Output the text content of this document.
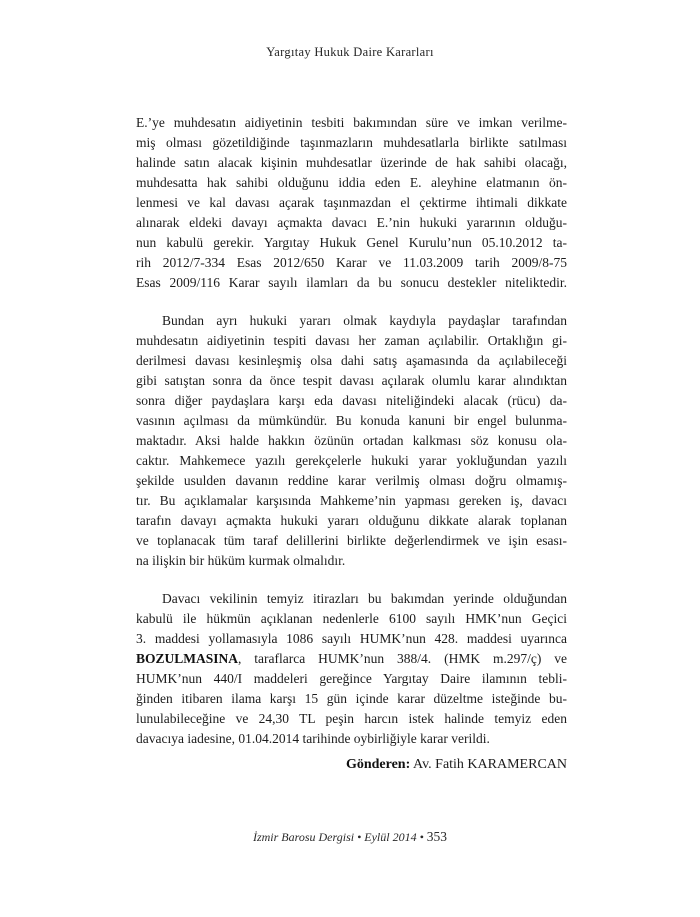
Yargıtay Hukuk Daire Kararları
E.’ye muhdesatın aidiyetinin tesbiti bakımından süre ve imkan verilme-
miş olması gözetildiğinde taşınmazların muhdesatlarla birlikte satılması
halinde satın alacak kişinin muhdesatlar üzerinde de hak sahibi olacağı,
muhdesatta hak sahibi olduğunu iddia eden E. aleyhine elatmanın ön-
lenmesi ve kal davası açarak taşınmazdan el çektirme ihtimali dikkate
alınarak eldeki davayı açmakta davacı E.’nin hukuki yararının olduğu-
nun kabulü gerekir. Yargıtay Hukuk Genel Kurulu’nun 05.10.2012 ta-
rih 2012/7-334 Esas 2012/650 Karar ve 11.03.2009 tarih 2009/8-75
Esas 2009/116 Karar sayılı ilamları da bu sonucu destekler niteliktedir.
Bundan ayrı hukuki yararı olmak kaydıyla paydaşlar tarafından
muhdesatın aidiyetinin tespiti davası her zaman açılabilir. Ortaklığın gi-
derilmesi davası kesinleşmiş olsa dahi satış aşamasında da açılabileceği
gibi satıştan sonra da önce tespit davası açılarak olumlu karar alındıktan
sonra diğer paydaşlara karşı eda davası niteliğindeki alacak (rücu) da-
vasının açılması da mümkündür. Bu konuda kanuni bir engel bulunma-
maktadır. Aksi halde hakkın özünün ortadan kalkması söz konusu ola-
caktır. Mahkemece yazılı gerekçelerle hukuki yarar yokluğundan yazılı
şekilde usulden davanın reddine karar verilmiş olması doğru olmamış-
tır. Bu açıklamalar karşısında Mahkeme’nin yapması gereken iş, davacı
tarafın davayı açmakta hukuki yararı olduğunu dikkate alarak toplanan
ve toplanacak tüm taraf delillerini birlikte değerlendirmek ve işin esası-
na ilişkin bir hüküm kurmak olmalıdır.
Davacı vekilinin temyiz itirazları bu bakımdan yerinde olduğundan
kabulü ile hükmün açıklanan nedenlerle 6100 sayılı HMK’nun Geçici
3. maddesi yollamasıyla 1086 sayılı HUMK’nun 428. maddesi uyarınca
BOZULMASINA, taraflarca HUMK’nun 388/4. (HMK m.297/ç) ve
HUMK’nun 440/I maddeleri gereğince Yargıtay Daire ilamının tebli-
ğinden itibaren ilama karşı 15 gün içinde karar düzeltme isteğinde bu-
lunulabileceğine ve 24,30 TL peşin harcın istek halinde temyiz eden
davacıya iadesine, 01.04.2014 tarihinde oybirliğiyle karar verildi.
Gönderen: Av. Fatih KARAMERCAN
İzmir Barosu Dergisi • Eylül 2014 • 353
